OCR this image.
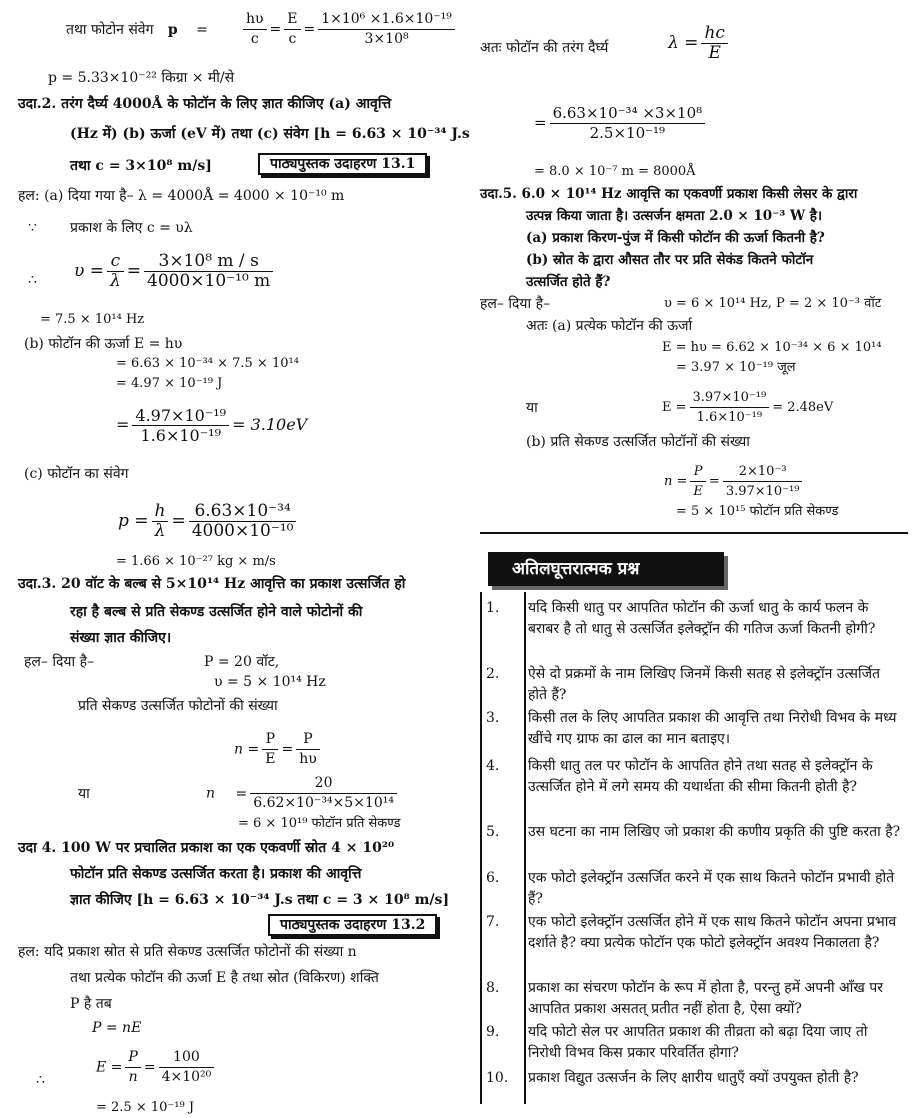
तथा फोटोन संवेग p =	$\frac{h\upsilon}{c} = \frac{E}{c} = \frac{\text{1×10⁶ ×1.6×10⁻¹⁹}}{\text{3×10⁸}}$
p = 5.33×10⁻²² किग्रा × मी/से
उदा.2. तरंग दैर्घ्य 4000Å के फोटॉन के लिए ज्ञात कीजिए (a) आवृत्ति
(Hz में) (b) ऊर्जा (eV में) तथा (c) संवेग [h = 6.63 × 10⁻³⁴ J.s
तथा c = 3×10⁸ m/s]	पाठ्यपुस्तक उदाहरण 13.1
हल: (a) दिया गया है– λ = 4000Å = 4000 × 10⁻¹⁰ m
∵ प्रकाश के लिए c = υλ
∴ $\upsilon = \frac{c}{\lambda} = \frac{\text{3×10⁸ m / s}}{\text{4000×10⁻¹⁰ m}}$
= 7.5 × 10¹⁴ Hz
(b) फोटॉन की ऊर्जा E = hυ
= 6.63 × 10⁻³⁴ × 7.5 × 10¹⁴
= 4.97 × 10⁻¹⁹ J
= $\frac{\text{4.97×10⁻¹⁹}}{\text{1.6×10⁻¹⁹}} = 3.10eV$
(c) फोटॉन का संवेग
$p = \frac{h}{\lambda} = \frac{\text{6.63×10⁻³⁴}}{\text{4000×10⁻¹⁰}}$
= 1.66 × 10⁻²⁷ kg × m/s
उदा.3. 20 वॉट के बल्ब से 5×10¹⁴ Hz आवृत्ति का प्रकाश उत्सर्जित हो
रहा है बल्ब से प्रति सेकण्ड उत्सर्जित होने वाले फोटोनों की
संख्या ज्ञात कीजिए।
हल– दिया है–	P = 20 वॉट,
υ = 5 × 10¹⁴ Hz
प्रति सेकण्ड उत्सर्जित फोटोनों की संख्या
$n = \frac{P}{E} = \frac{P}{h\upsilon}$
या	$n = \frac{20}{\text{6.62×10⁻³⁴×5×10¹⁴}}$
= 6 × 10¹⁹ फोटॉन प्रति सेकण्ड
उदा 4. 100 W पर प्रचालित प्रकाश का एक एकवर्णी स्रोत 4 × 10²⁰
फोटॉन प्रति सेकण्ड उत्सर्जित करता है। प्रकाश की आवृत्ति
ज्ञात कीजिए [h = 6.63 × 10⁻³⁴ J.s तथा c = 3 × 10⁸ m/s]
पाठ्यपुस्तक उदाहरण 13.2
हल: यदि प्रकाश स्रोत से प्रति सेकण्ड उत्सर्जित फोटोनों की संख्या n
तथा प्रत्येक फोटॉन की ऊर्जा E है तथा स्रोत (विकिरण) शक्ति
P है तब
P = nE
∴
$E = \frac{P}{n} = \frac{100}{\text{4×10²⁰}}$
= 2.5 × 10⁻¹⁹ J
अतः फोटॉन की तरंग दैर्घ्य	$\lambda = \frac{hc}{E}$
= $\frac{\text{6.63×10⁻³⁴ ×3×10⁸}}{\text{2.5×10⁻¹⁹}}$
= 8.0 × 10⁻⁷ m = 8000Å
उदा.5. 6.0 × 10¹⁴ Hz आवृत्ति का एकवर्णी प्रकाश किसी लेसर के द्वारा
उत्पन्न किया जाता है। उत्सर्जन क्षमता 2.0 × 10⁻³ W है।
(a) प्रकाश किरण-पुंज में किसी फोटॉन की ऊर्जा कितनी है?
(b) स्रोत के द्वारा औसत तौर पर प्रति सेकंड कितने फोटॉन
उत्सर्जित होते हैं?
हल– दिया है–	υ = 6 × 10¹⁴ Hz, P = 2 × 10⁻³ वॉट
अतः (a) प्रत्येक फोटॉन की ऊर्जा
E = hυ = 6.62 × 10⁻³⁴ × 6 × 10¹⁴
= 3.97 × 10⁻¹⁹ जूल
या	$E = \frac{\text{3.97×10⁻¹⁹}}{\text{1.6×10⁻¹⁹}} = 2.48eV$
(b) प्रति सेकण्ड उत्सर्जित फोटॉनों की संख्या
$n = \frac{P}{E} = \frac{\text{2×10⁻³}}{\text{3.97×10⁻¹⁹}}$
= 5 × 10¹⁵ फोटॉन प्रति सेकण्ड
अतिलघूत्तरात्मक प्रश्न
1.	यदि किसी धातु पर आपतित फोटॉन की ऊर्जा धातु के कार्य फलन के बराबर है तो धातु से उत्सर्जित इलेक्ट्रॉन की गतिज ऊर्जा कितनी होगी?
2.	ऐसे दो प्रक्रमों के नाम लिखिए जिनमें किसी सतह से इलेक्ट्रॉन उत्सर्जित होते हैं?
3.	किसी तल के लिए आपतित प्रकाश की आवृत्ति तथा निरोधी विभव के मध्य खींचे गए ग्राफ का ढाल का मान बताइए।
4.	किसी धातु तल पर फोटॉन के आपतित होने तथा सतह से इलेक्ट्रॉन के उत्सर्जित होने में लगे समय की यथार्थता की सीमा कितनी होती है?
5.	उस घटना का नाम लिखिए जो प्रकाश की कणीय प्रकृति की पुष्टि करता है?
6.	एक फोटो इलेक्ट्रॉन उत्सर्जित करने में एक साथ कितने फोटॉन प्रभावी होते हैं?
7.	एक फोटो इलेक्ट्रॉन उत्सर्जित होने में एक साथ कितने फोटॉन अपना प्रभाव दर्शाते है? क्या प्रत्येक फोटॉन एक फोटो इलेक्ट्रॉन अवश्य निकालता है?
8.	प्रकाश का संचरण फोटॉन के रूप में होता है, परन्तु हमें अपनी आँख पर आपतित प्रकाश असतत् प्रतीत नहीं होता है, ऐसा क्यों?
9.	यदि फोटो सेल पर आपतित प्रकाश की तीव्रता को बढ़ा दिया जाए तो निरोधी विभव किस प्रकार परिवर्तित होगा?
10.	प्रकाश विद्युत उत्सर्जन के लिए क्षारीय धातुएँ क्यों उपयुक्त होती है?
